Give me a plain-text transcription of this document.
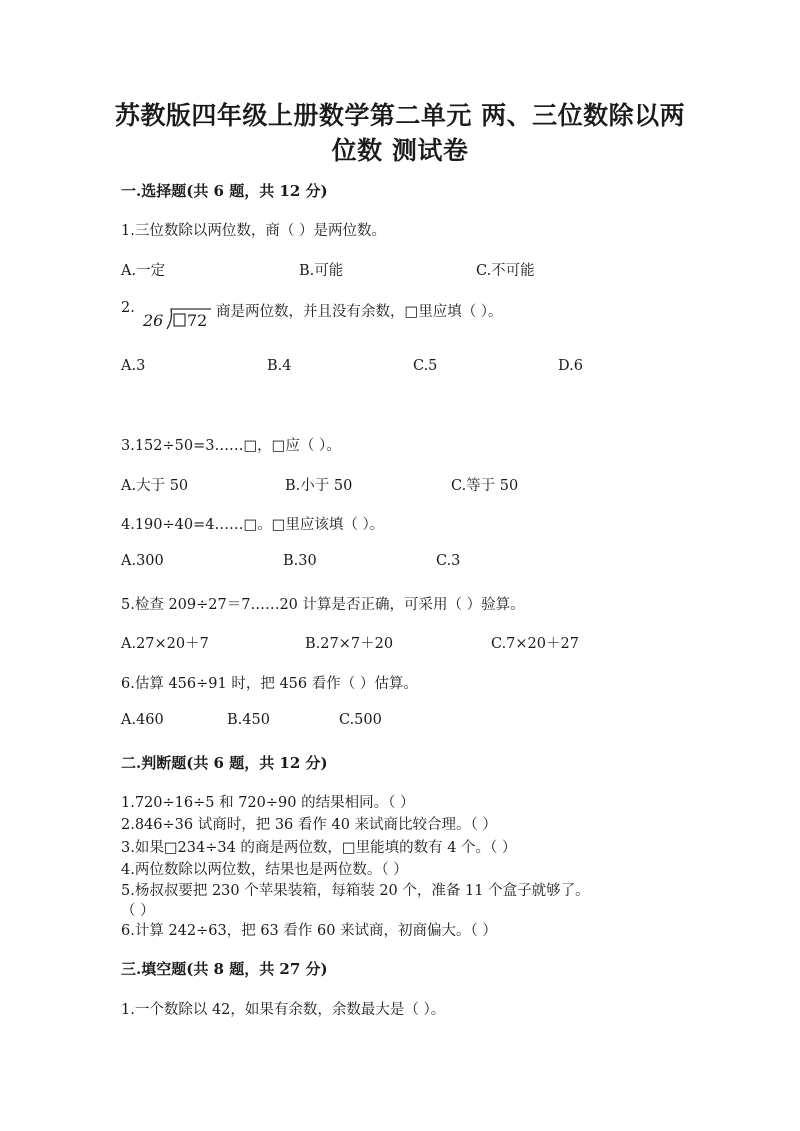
苏教版四年级上册数学第二单元 两、三位数除以两
位数 测试卷
一.选择题(共 6 题，共 12 分)
1.三位数除以两位数，商（ ）是两位数。
A.一定	B.可能	C.不可能
2.
26 72 商是两位数，并且没有余数，□里应填（ ）。
A.3	B.4	C.5	D.6
3.152÷50=3……□，□应（ ）。
A.大于 50	B.小于 50	C.等于 50
4.190÷40=4……□。□里应该填（ ）。
A.300	B.30	C.3
5.检查 209÷27＝7……20 计算是否正确，可采用（ ）验算。
A.27×20＋7	B.27×7＋20	C.7×20＋27
6.估算 456÷91 时，把 456 看作（ ）估算。
A.460	B.450	C.500
二.判断题(共 6 题，共 12 分)
1.720÷16÷5 和 720÷90 的结果相同。（ ）
2.846÷36 试商时，把 36 看作 40 来试商比较合理。（ ）
3.如果□234÷34 的商是两位数，□里能填的数有 4 个。（ ）
4.两位数除以两位数，结果也是两位数。（ ）
5.杨叔叔要把 230 个苹果装箱，每箱装 20 个，准备 11 个盒子就够了。
（ ）
6.计算 242÷63，把 63 看作 60 来试商，初商偏大。（ ）
三.填空题(共 8 题，共 27 分)
1.一个数除以 42，如果有余数，余数最大是（ ）。
